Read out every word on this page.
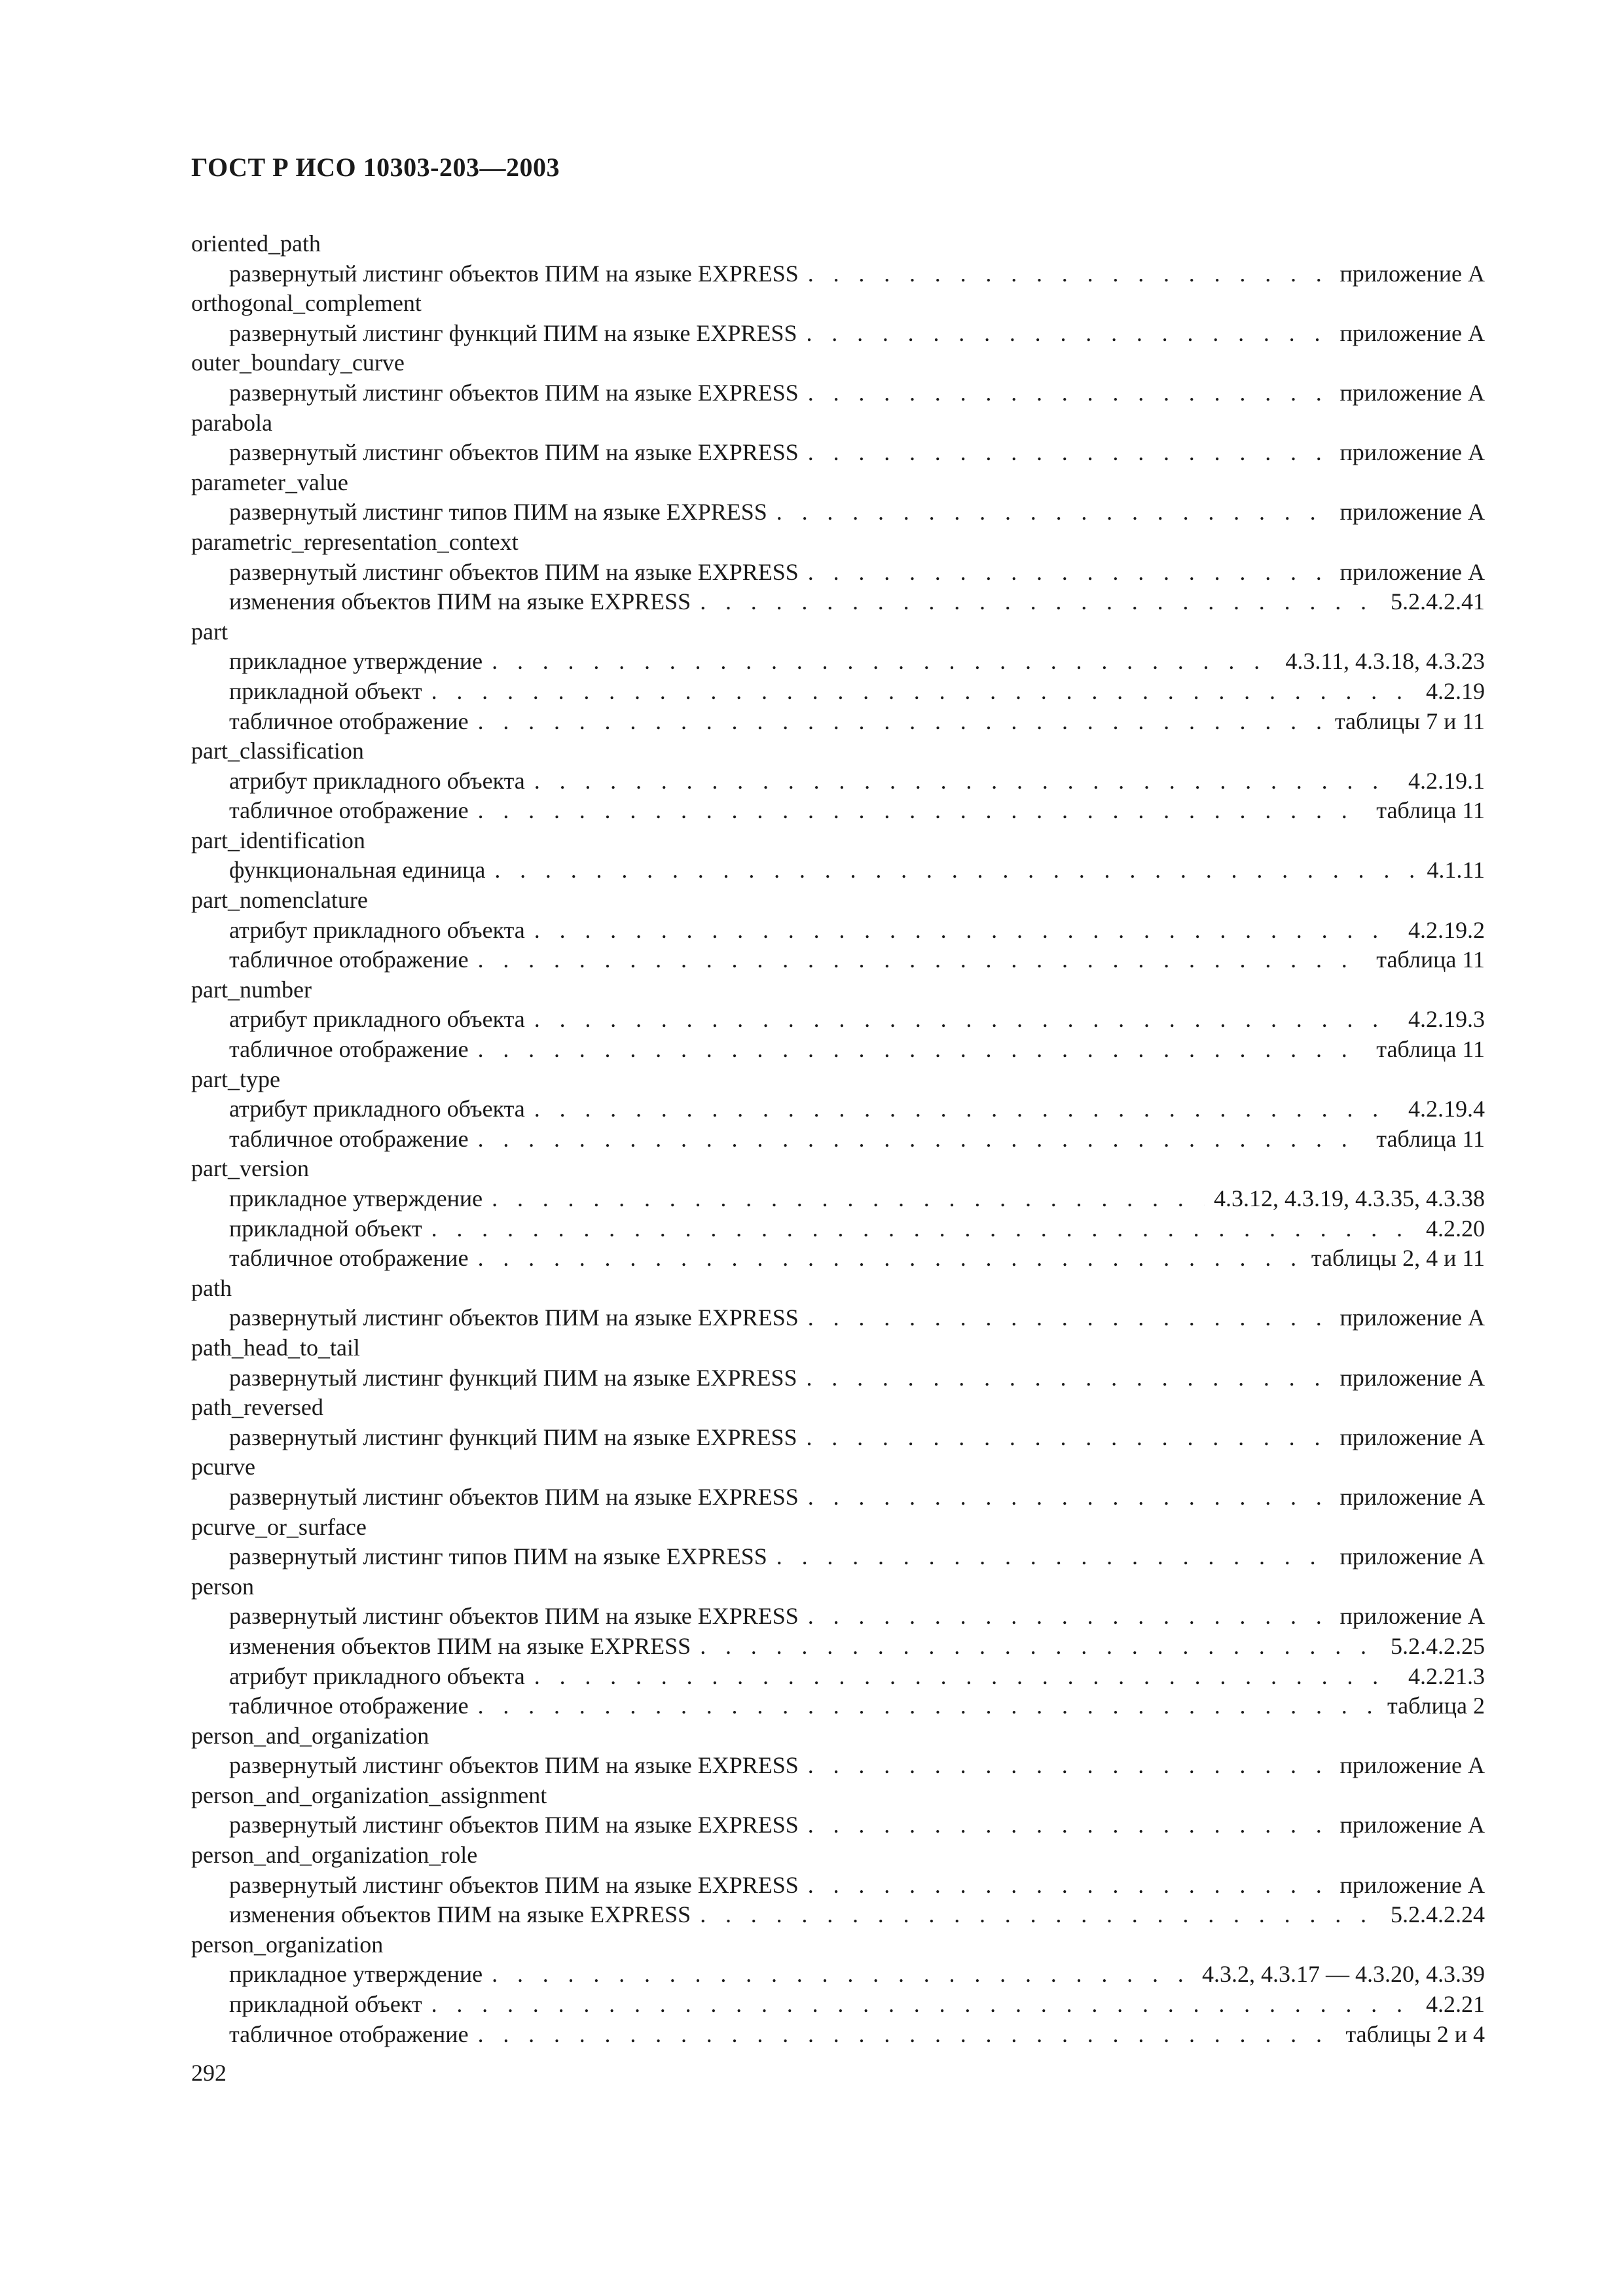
ГОСТ Р ИСО 10303-203—2003
oriented_path
развернутый листинг объектов ПИМ на языке EXPRESS . . .	приложение А
orthogonal_complement
развернутый листинг функций ПИМ на языке EXPRESS . . .	приложение А
outer_boundary_curve
развернутый листинг объектов ПИМ на языке EXPRESS . . .	приложение А
parabola
развернутый листинг объектов ПИМ на языке EXPRESS . . .	приложение А
parameter_value
развернутый листинг типов ПИМ на языке EXPRESS . . .	приложение А
parametric_representation_context
развернутый листинг объектов ПИМ на языке EXPRESS . . .	приложение А
изменения объектов ПИМ на языке EXPRESS . . .	5.2.4.2.41
part
прикладное утверждение . . .	4.3.11, 4.3.18, 4.3.23
прикладной объект . . .	4.2.19
табличное отображение . . .	таблицы 7 и 11
part_classification
атрибут прикладного объекта . . .	4.2.19.1
табличное отображение . . .	таблица 11
part_identification
функциональная единица . . .	4.1.11
part_nomenclature
атрибут прикладного объекта . . .	4.2.19.2
табличное отображение . . .	таблица 11
part_number
атрибут прикладного объекта . . .	4.2.19.3
табличное отображение . . .	таблица 11
part_type
атрибут прикладного объекта . . .	4.2.19.4
табличное отображение . . .	таблица 11
part_version
прикладное утверждение . . .	4.3.12, 4.3.19, 4.3.35, 4.3.38
прикладной объект . . .	4.2.20
табличное отображение . . .	таблицы 2, 4 и 11
path
развернутый листинг объектов ПИМ на языке EXPRESS . . .	приложение А
path_head_to_tail
развернутый листинг функций ПИМ на языке EXPRESS . . .	приложение А
path_reversed
развернутый листинг функций ПИМ на языке EXPRESS . . .	приложение А
pcurve
развернутый листинг объектов ПИМ на языке EXPRESS . . .	приложение А
pcurve_or_surface
развернутый листинг типов ПИМ на языке EXPRESS . . .	приложение А
person
развернутый листинг объектов ПИМ на языке EXPRESS . . .	приложение А
изменения объектов ПИМ на языке EXPRESS . . .	5.2.4.2.25
атрибут прикладного объекта . . .	4.2.21.3
табличное отображение . . .	таблица 2
person_and_organization
развернутый листинг объектов ПИМ на языке EXPRESS . . .	приложение А
person_and_organization_assignment
развернутый листинг объектов ПИМ на языке EXPRESS . . .	приложение А
person_and_organization_role
развернутый листинг объектов ПИМ на языке EXPRESS . . .	приложение А
изменения объектов ПИМ на языке EXPRESS . . .	5.2.4.2.24
person_organization
прикладное утверждение . . .	4.3.2, 4.3.17 — 4.3.20, 4.3.39
прикладной объект . . .	4.2.21
табличное отображение . . .	таблицы 2 и 4
292
